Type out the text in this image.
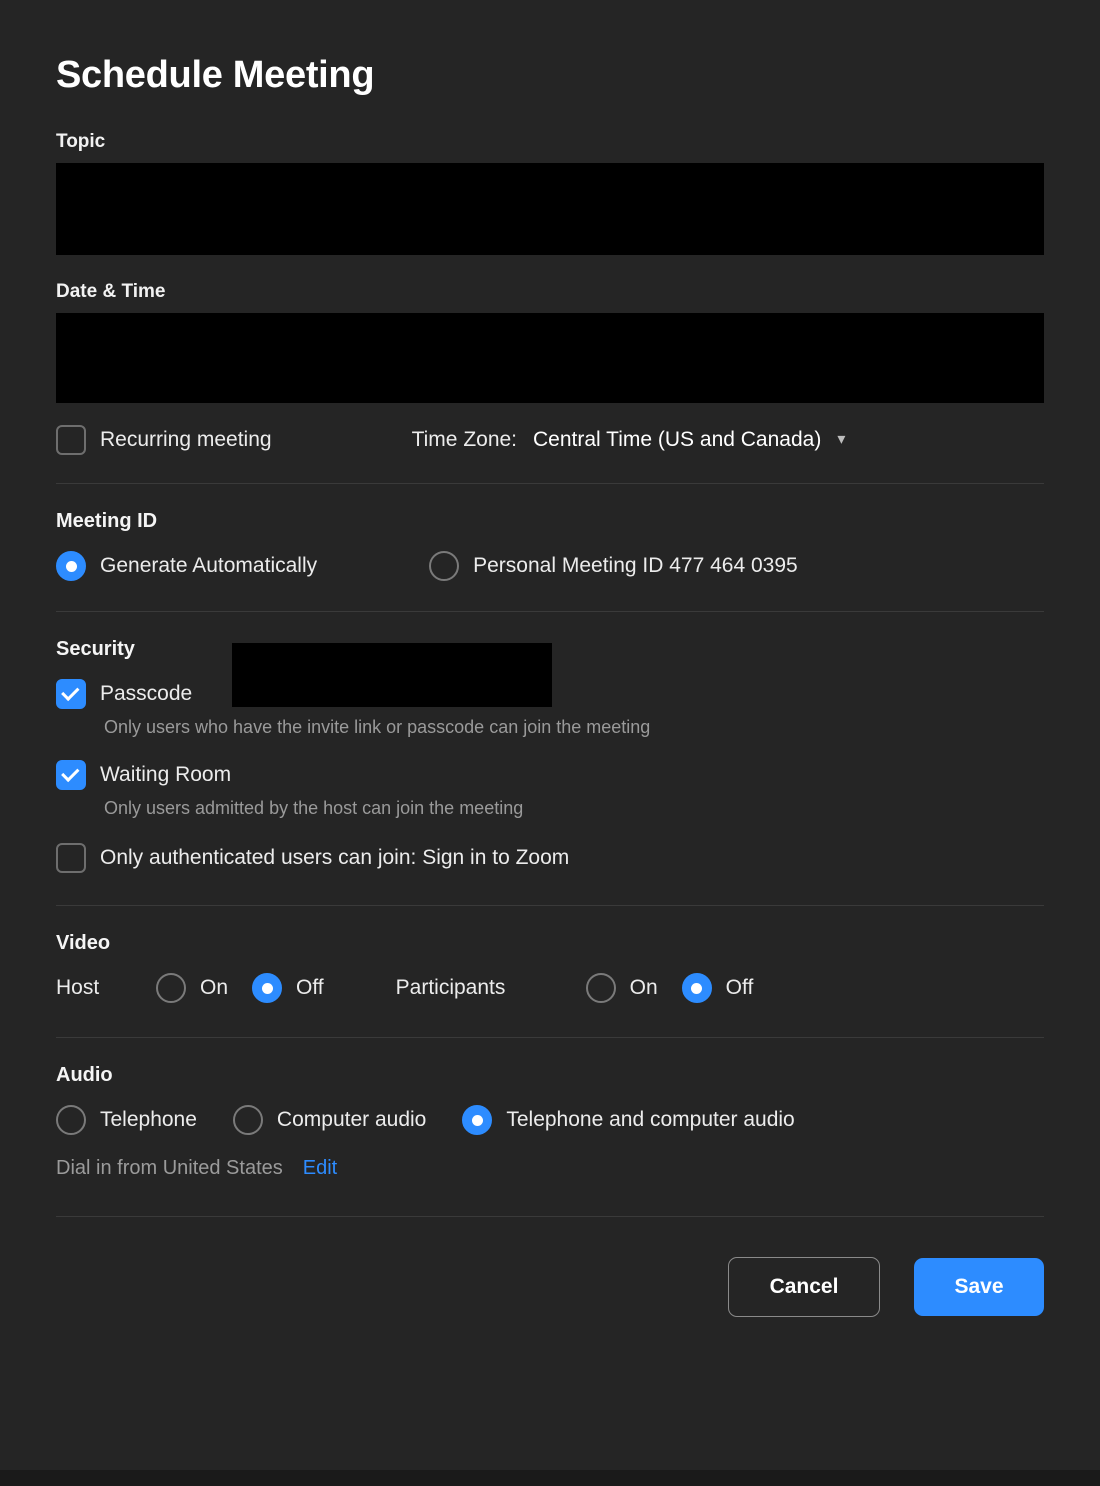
Schedule Meeting
Topic
Date & Time
Recurring meeting	Time Zone: Central Time (US and Canada) ▾
Meeting ID
Generate Automatically	Personal Meeting ID 477 464 0395
Security
Passcode
Only users who have the invite link or passcode can join the meeting
Waiting Room
Only users admitted by the host can join the meeting
Only authenticated users can join: Sign in to Zoom
Video
Host	On	Off	Participants	On	Off
Audio
Telephone	Computer audio	Telephone and computer audio
Dial in from United States Edit
Cancel	Save
